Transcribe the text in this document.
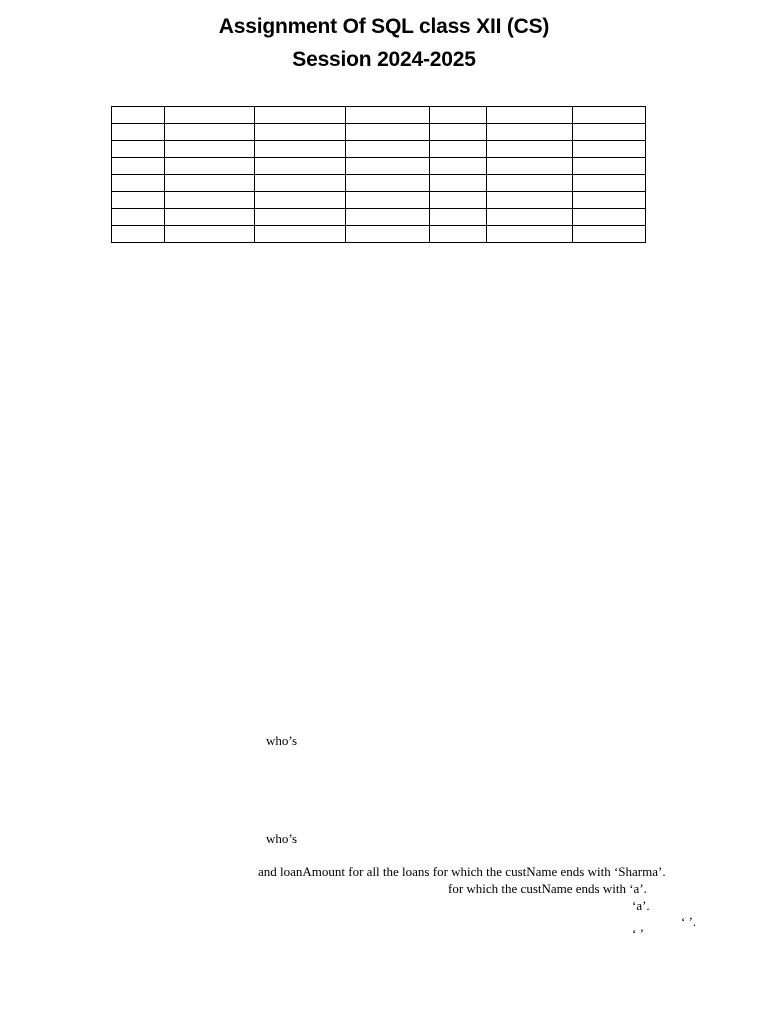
Assignment Of SQL class XII (CS)
Session 2024-2025

who’s
who’s
and loanAmount for all the loans for which the custName ends with ‘Sharma’.
for which the custName ends with ‘a’.
‘a’.
‘ ’.
‘ ’
